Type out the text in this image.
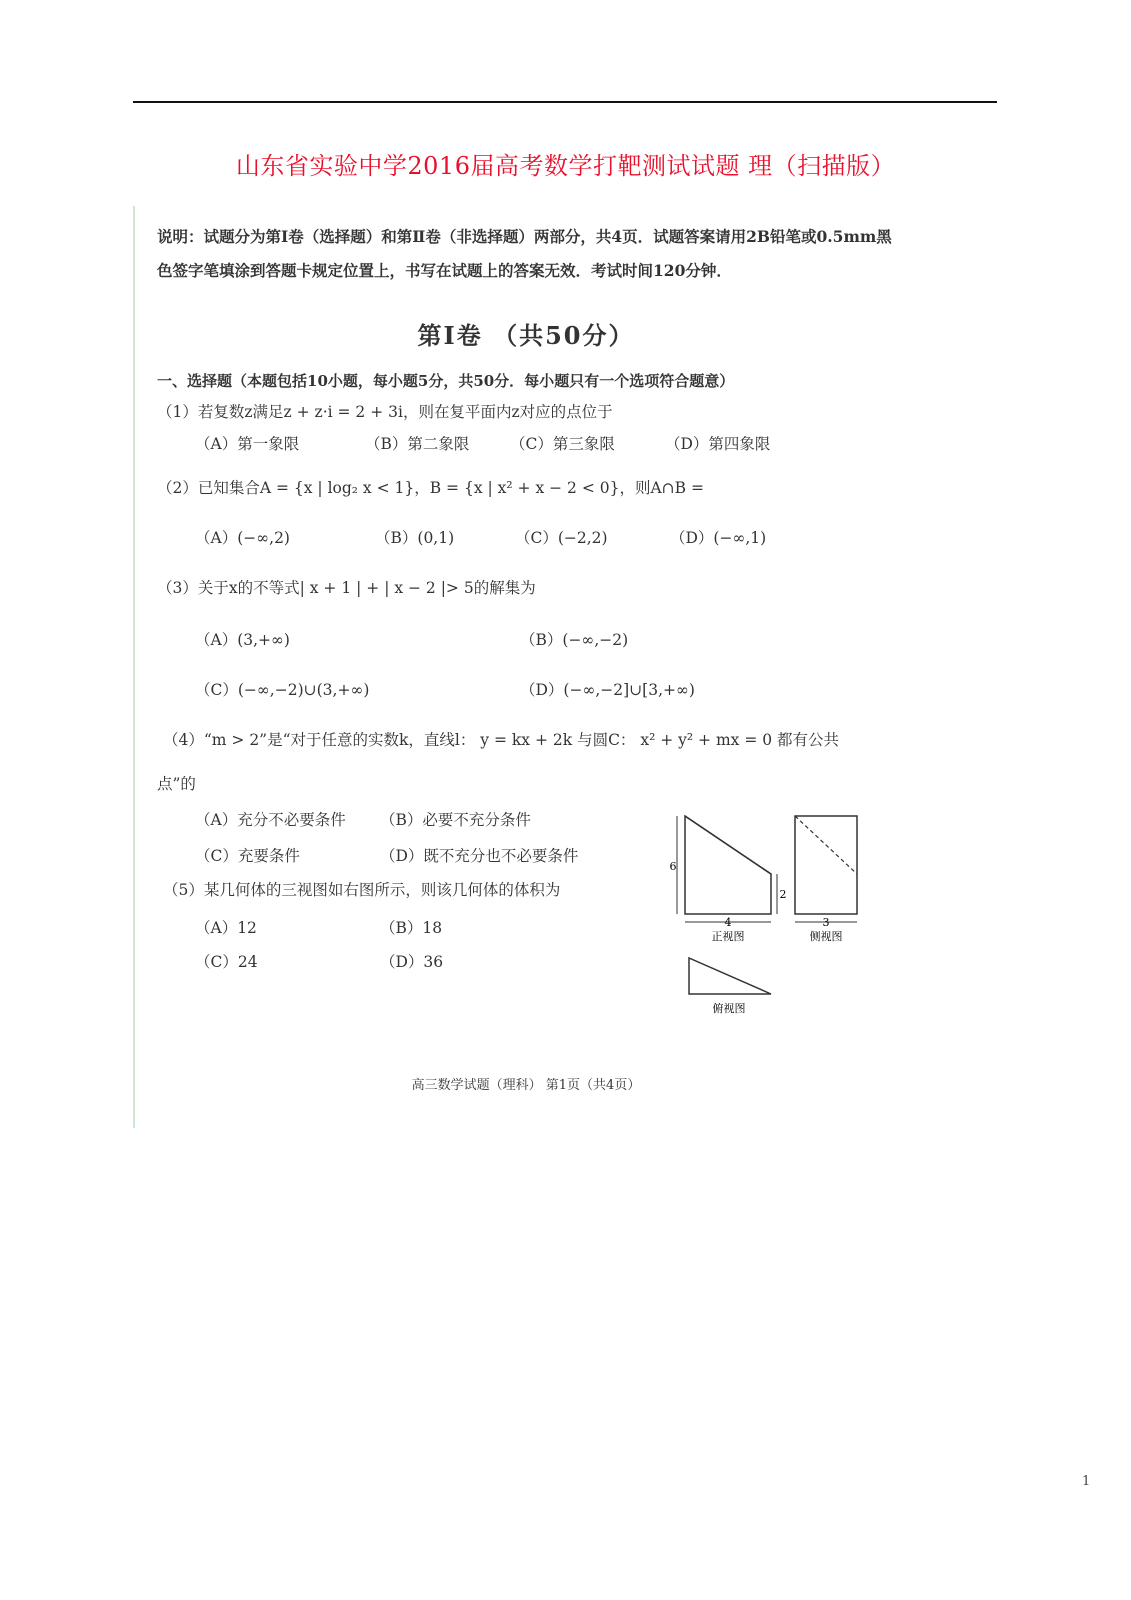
山东省实验中学2016届高考数学打靶测试试题 理（扫描版）
说明：试题分为第Ⅰ卷（选择题）和第Ⅱ卷（非选择题）两部分，共4页．试题答案请用2B铅笔或0.5mm黑色签字笔填涂到答题卡规定位置上，书写在试题上的答案无效．考试时间120分钟．
第Ⅰ卷 （共50分）
一、选择题（本题包括10小题，每小题5分，共50分．每小题只有一个选项符合题意）
（1）若复数z满足z + z·i = 2 + 3i，则在复平面内z对应的点位于
（A）第一象限	（B）第二象限	（C）第三象限	（D）第四象限
（2）已知集合A = {x | log₂ x < 1}，B = {x | x² + x − 2 < 0}，则A∩B =
（A）(−∞,2)	（B）(0,1)	（C）(−2,2)	（D）(−∞,1)
（3）关于x的不等式| x + 1 | + | x − 2 |> 5的解集为
（A）(3,+∞)	（B）(−∞,−2)
（C）(−∞,−2)∪(3,+∞)	（D）(−∞,−2]∪[3,+∞)
（4）“m > 2”是“对于任意的实数k，直线l： y = kx + 2k 与圆C： x² + y² + mx = 0 都有公共
点”的
（A）充分不必要条件 （B）必要不充分条件
（C）充要条件	（D）既不充分也不必要条件
（5）某几何体的三视图如右图所示，则该几何体的体积为
（A）12	（B）18
（C）24	（D）36
6
2
4
正视图
3
侧视图
俯视图
高三数学试题（理科） 第1页（共4页）
1
